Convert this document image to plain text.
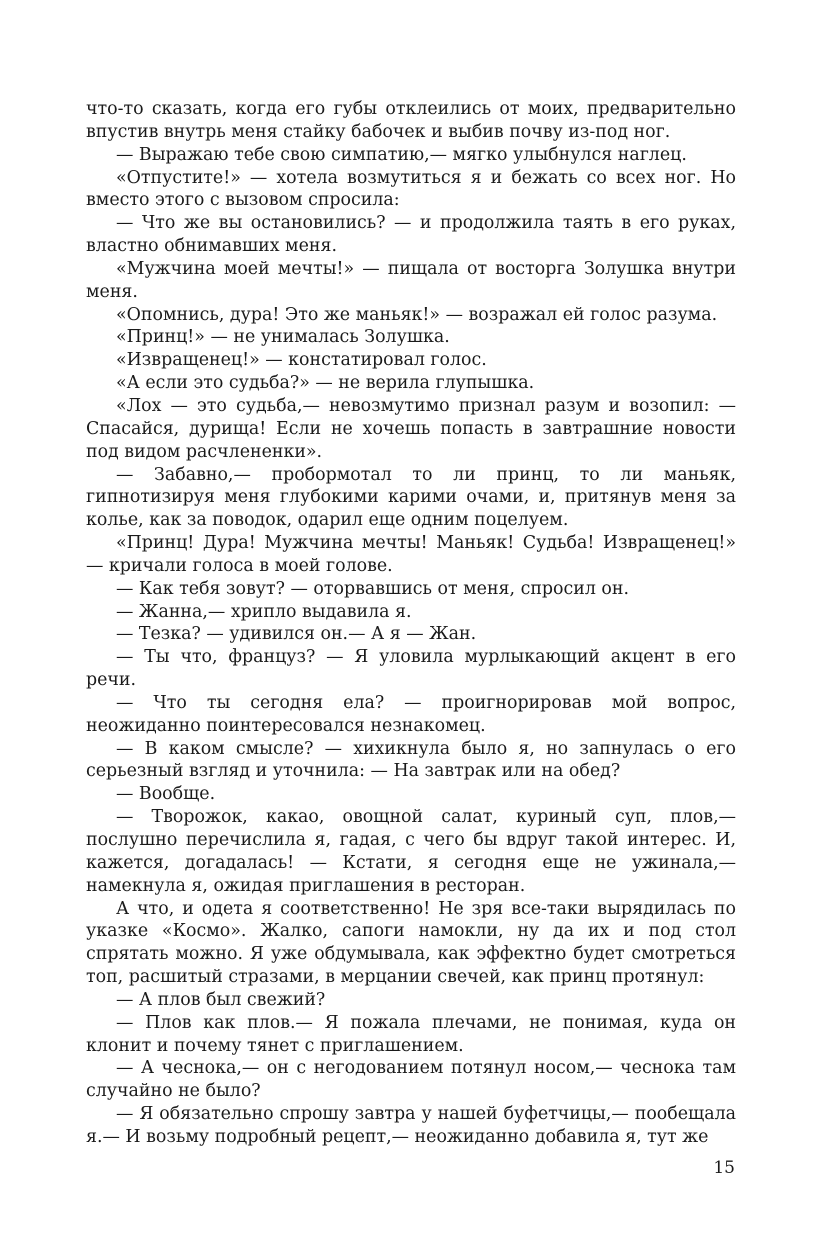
что-то сказать, когда его губы отклеились от моих, предварительно впустив внутрь меня стайку бабочек и выбив почву из-под ног.

— Выражаю тебе свою симпатию,— мягко улыбнулся наглец.

«Отпустите!» — хотела возмутиться я и бежать со всех ног. Но вместо этого с вызовом спросила:

— Что же вы остановились? — и продолжила таять в его руках, властно обнимавших меня.

«Мужчина моей мечты!» — пищала от восторга Золушка внутри меня.

«Опомнись, дура! Это же маньяк!» — возражал ей голос разума.

«Принц!» — не унималась Золушка.

«Извращенец!» — констатировал голос.

«А если это судьба?» — не верила глупышка.

«Лох — это судьба,— невозмутимо признал разум и возопил: — Спасайся, дурища! Если не хочешь попасть в завтрашние новости под видом расчлененки».

— Забавно,— пробормотал то ли принц, то ли маньяк, гипнотизируя меня глубокими карими очами, и, притянув меня за колье, как за поводок, одарил еще одним поцелуем.

«Принц! Дура! Мужчина мечты! Маньяк! Судьба! Извращенец!» — кричали голоса в моей голове.

— Как тебя зовут? — оторвавшись от меня, спросил он.

— Жанна,— хрипло выдавила я.

— Тезка? — удивился он.— А я — Жан.

— Ты что, француз? — Я уловила мурлыкающий акцент в его речи.

— Что ты сегодня ела? — проигнорировав мой вопрос, неожиданно поинтересовался незнакомец.

— В каком смысле? — хихикнула было я, но запнулась о его серьезный взгляд и уточнила: — На завтрак или на обед?

— Вообще.

— Творожок, какао, овощной салат, куриный суп, плов,— послушно перечислила я, гадая, с чего бы вдруг такой интерес. И, кажется, догадалась! — Кстати, я сегодня еще не ужинала,— намекнула я, ожидая приглашения в ресторан.

А что, и одета я соответственно! Не зря все-таки вырядилась по указке «Космо». Жалко, сапоги намокли, ну да их и под стол спрятать можно. Я уже обдумывала, как эффектно будет смотреться топ, расшитый стразами, в мерцании свечей, как принц протянул:

— А плов был свежий?

— Плов как плов.— Я пожала плечами, не понимая, куда он клонит и почему тянет с приглашением.

— А чеснока,— он с негодованием потянул носом,— чеснока там случайно не было?

— Я обязательно спрошу завтра у нашей буфетчицы,— пообещала я.— И возьму подробный рецепт,— неожиданно добавила я, тут же

15
